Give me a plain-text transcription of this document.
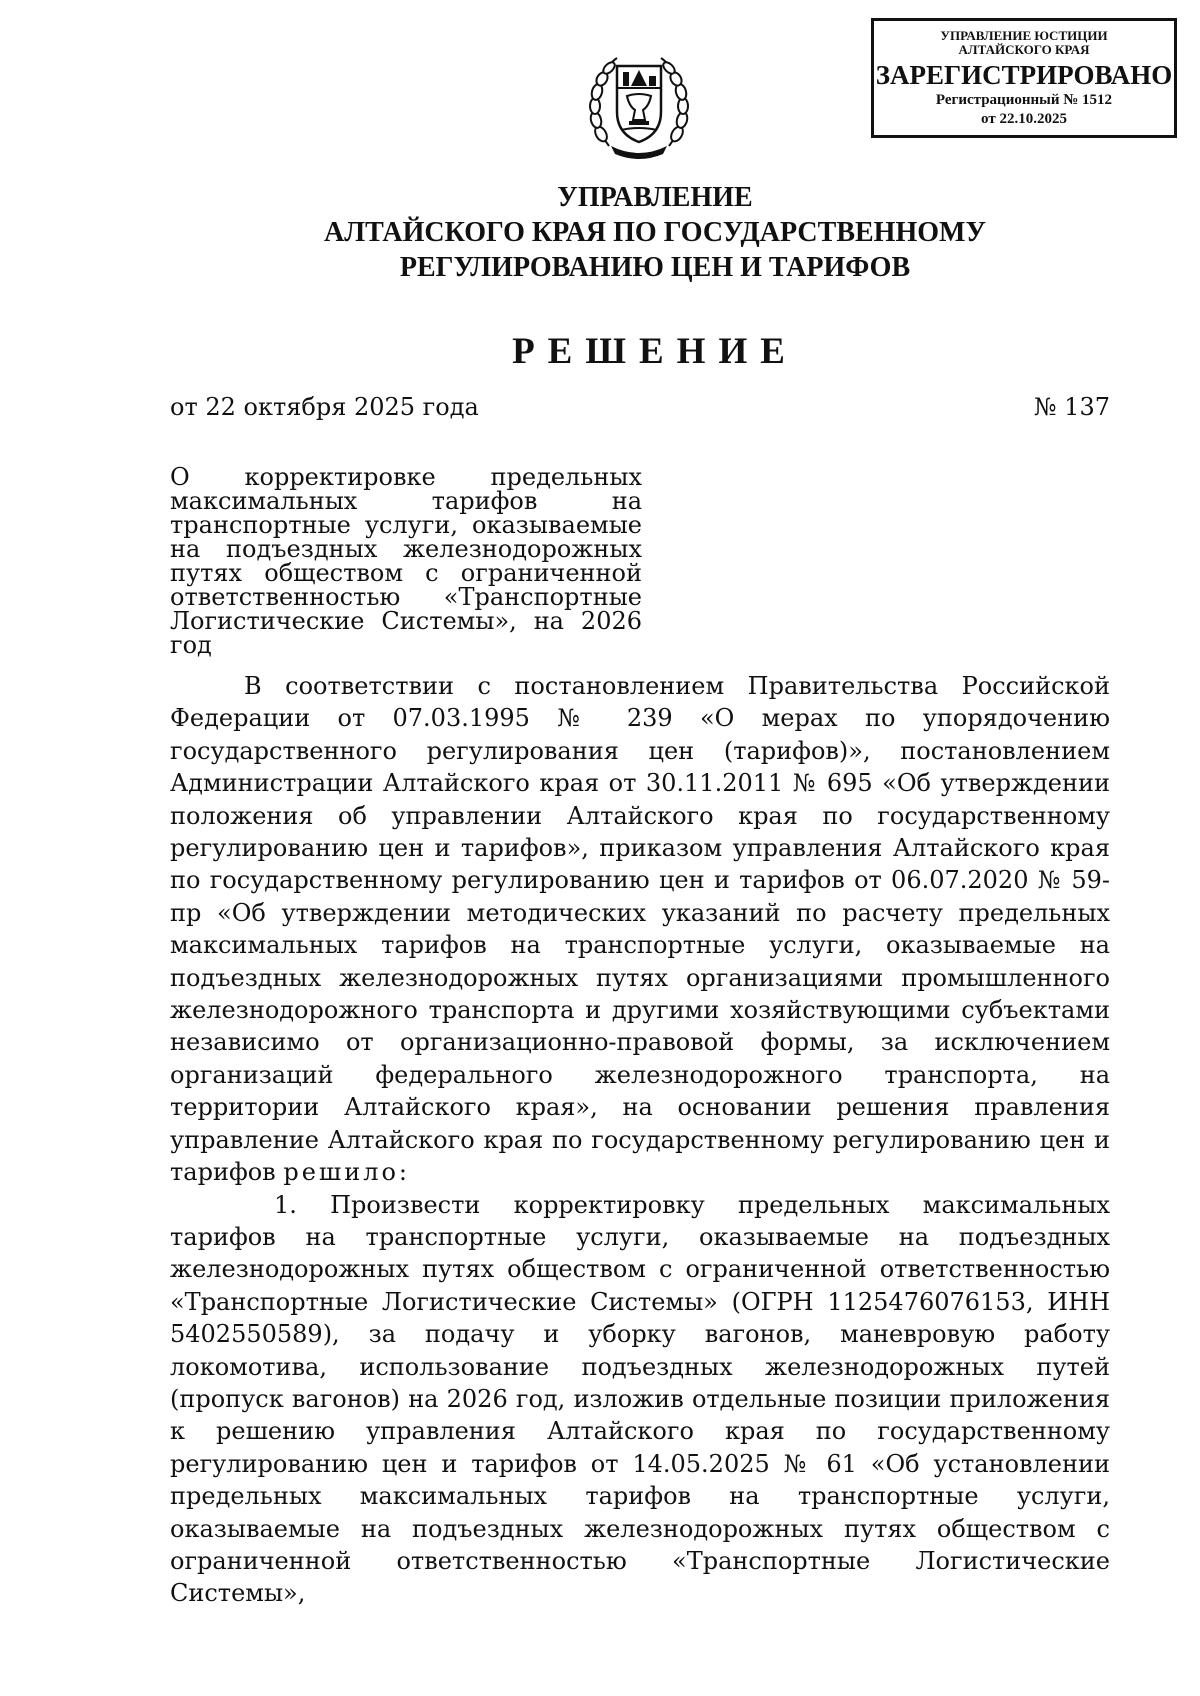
УПРАВЛЕНИЕ ЮСТИЦИИ
АЛТАЙСКОГО КРАЯ
ЗАРЕГИСТРИРОВАНО
Регистрационный № 1512
от 22.10.2025
УПРАВЛЕНИЕ
АЛТАЙСКОГО КРАЯ ПО ГОСУДАРСТВЕННОМУ
РЕГУЛИРОВАНИЮ ЦЕН И ТАРИФОВ
РЕШЕНИЕ
от 22 октября 2025 года	№ 137
О корректировке предельных максимальных тарифов на транспортные услуги, оказываемые на подъездных железнодорожных путях обществом с ограниченной ответственностью «Транспортные Логистические Системы», на 2026 год

В соответствии с постановлением Правительства Российской Федерации от 07.03.1995 № 239 «О мерах по упорядочению государственного регулирования цен (тарифов)», постановлением Администрации Алтайского края от 30.11.2011 № 695 «Об утверждении положения об управлении Алтайского края по государственному регулированию цен и тарифов», приказом управления Алтайского края по государственному регулированию цен и тарифов от 06.07.2020 № 59-пр «Об утверждении методических указаний по расчету предельных максимальных тарифов на транспортные услуги, оказываемые на подъездных железнодорожных путях организациями промышленного железнодорожного транспорта и другими хозяйствующими субъектами независимо от организационно-правовой формы, за исключением организаций федерального железнодорожного транспорта, на территории Алтайского края», на основании решения правления управление Алтайского края по государственному регулированию цен и тарифов решило:

1. Произвести корректировку предельных максимальных тарифов на транспортные услуги, оказываемые на подъездных железнодорожных путях обществом с ограниченной ответственностью «Транспортные Логистические Системы» (ОГРН 1125476076153, ИНН 5402550589), за подачу и уборку вагонов, маневровую работу локомотива, использование подъездных железнодорожных путей (пропуск вагонов) на 2026 год, изложив отдельные позиции приложения к решению управления Алтайского края по государственному регулированию цен и тарифов от 14.05.2025 № 61 «Об установлении предельных максимальных тарифов на транспортные услуги, оказываемые на подъездных железнодорожных путях обществом с ограниченной ответственностью «Транспортные Логистические Системы»,
